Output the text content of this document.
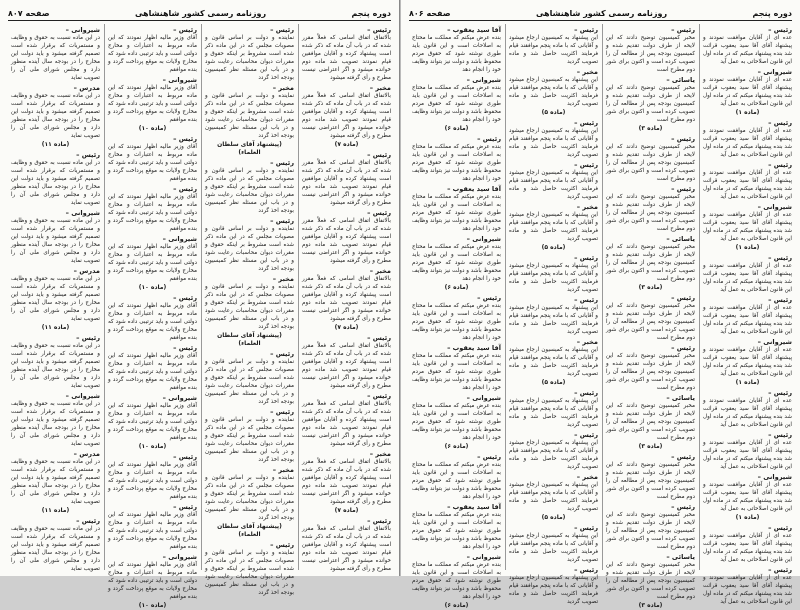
دوره پنجم
روزنامه رسمی کشور شاهنشاهی
صفحه ۸۰۷
رئیس –
بالاتفاق اتفاق اسامی که فعلاً مقرر شده که در باب آن ماده که ذکر شده است پیشنهاد کرده و آقایان موافقین قیام نمودند تصویب شد ماده دوم خوانده میشود و اگر اعتراضی نیست مطرح و رأی گرفته میشود
مخبر –
بالاتفاق اتفاق اسامی که فعلاً مقرر شده که در باب آن ماده که ذکر شده است پیشنهاد کرده و آقایان موافقین قیام نمودند تصویب شد ماده دوم خوانده میشود و اگر اعتراضی نیست مطرح و رأی گرفته میشود
(ماده ۷)
رئیس –
بالاتفاق اتفاق اسامی که فعلاً مقرر شده که در باب آن ماده که ذکر شده است پیشنهاد کرده و آقایان موافقین قیام نمودند تصویب شد ماده دوم خوانده میشود و اگر اعتراضی نیست مطرح و رأی گرفته میشود
رئیس –
بالاتفاق اتفاق اسامی که فعلاً مقرر شده که در باب آن ماده که ذکر شده است پیشنهاد کرده و آقایان موافقین قیام نمودند تصویب شد ماده دوم خوانده میشود و اگر اعتراضی نیست مطرح و رأی گرفته میشود
مخبر –
بالاتفاق اتفاق اسامی که فعلاً مقرر شده که در باب آن ماده که ذکر شده است پیشنهاد کرده و آقایان موافقین قیام نمودند تصویب شد ماده دوم خوانده میشود و اگر اعتراضی نیست مطرح و رأی گرفته میشود
(ماده ۷)
رئیس –
بالاتفاق اتفاق اسامی که فعلاً مقرر شده که در باب آن ماده که ذکر شده است پیشنهاد کرده و آقایان موافقین قیام نمودند تصویب شد ماده دوم خوانده میشود و اگر اعتراضی نیست مطرح و رأی گرفته میشود
رئیس –
بالاتفاق اتفاق اسامی که فعلاً مقرر شده که در باب آن ماده که ذکر شده است پیشنهاد کرده و آقایان موافقین قیام نمودند تصویب شد ماده دوم خوانده میشود و اگر اعتراضی نیست مطرح و رأی گرفته میشود
مخبر –
بالاتفاق اتفاق اسامی که فعلاً مقرر شده که در باب آن ماده که ذکر شده است پیشنهاد کرده و آقایان موافقین قیام نمودند تصویب شد ماده دوم خوانده میشود و اگر اعتراضی نیست مطرح و رأی گرفته میشود
(ماده ۷)
رئیس –
بالاتفاق اتفاق اسامی که فعلاً مقرر شده که در باب آن ماده که ذکر شده است پیشنهاد کرده و آقایان موافقین قیام نمودند تصویب شد ماده دوم خوانده میشود و اگر اعتراضی نیست مطرح و رأی گرفته میشود
رئیس –
نماینده و دولت بر اساس قانون و مصوبات مجلس که در این ماده ذکر شده است مشروط بر اینکه حقوق و مقررات دیوان محاسبات رعایت شود و در باب این مسئله نظر کمیسیون بودجه اخذ گردد
مخبر –
نماینده و دولت بر اساس قانون و مصوبات مجلس که در این ماده ذکر شده است مشروط بر اینکه حقوق و مقررات دیوان محاسبات رعایت شود و در باب این مسئله نظر کمیسیون بودجه اخذ گردد
(پیشنهاد آقای سلطان العلماء)
رئیس –
نماینده و دولت بر اساس قانون و مصوبات مجلس که در این ماده ذکر شده است مشروط بر اینکه حقوق و مقررات دیوان محاسبات رعایت شود و در باب این مسئله نظر کمیسیون بودجه اخذ گردد
رئیس –
نماینده و دولت بر اساس قانون و مصوبات مجلس که در این ماده ذکر شده است مشروط بر اینکه حقوق و مقررات دیوان محاسبات رعایت شود و در باب این مسئله نظر کمیسیون بودجه اخذ گردد
مخبر –
نماینده و دولت بر اساس قانون و مصوبات مجلس که در این ماده ذکر شده است مشروط بر اینکه حقوق و مقررات دیوان محاسبات رعایت شود و در باب این مسئله نظر کمیسیون بودجه اخذ گردد
(پیشنهاد آقای سلطان العلماء)
رئیس –
نماینده و دولت بر اساس قانون و مصوبات مجلس که در این ماده ذکر شده است مشروط بر اینکه حقوق و مقررات دیوان محاسبات رعایت شود و در باب این مسئله نظر کمیسیون بودجه اخذ گردد
رئیس –
نماینده و دولت بر اساس قانون و مصوبات مجلس که در این ماده ذکر شده است مشروط بر اینکه حقوق و مقررات دیوان محاسبات رعایت شود و در باب این مسئله نظر کمیسیون بودجه اخذ گردد
مخبر –
نماینده و دولت بر اساس قانون و مصوبات مجلس که در این ماده ذکر شده است مشروط بر اینکه حقوق و مقررات دیوان محاسبات رعایت شود و در باب این مسئله نظر کمیسیون بودجه اخذ گردد
(پیشنهاد آقای سلطان العلماء)
رئیس –
نماینده و دولت بر اساس قانون و مصوبات مجلس که در این ماده ذکر شده است مشروط بر اینکه حقوق و مقررات دیوان محاسبات رعایت شود و در باب این مسئله نظر کمیسیون بودجه اخذ گردد
رئیس –
آقای وزیر مالیه اظهار نمودند که این ماده مربوط به اعتبارات و مخارج دولتی است و باید ترتیبی داده شود که مخارج ولایات به موقع پرداخت گردد و بنده موافقم
شیروانی –
آقای وزیر مالیه اظهار نمودند که این ماده مربوط به اعتبارات و مخارج دولتی است و باید ترتیبی داده شود که مخارج ولایات به موقع پرداخت گردد و بنده موافقم
(ماده ۱۰)
رئیس –
آقای وزیر مالیه اظهار نمودند که این ماده مربوط به اعتبارات و مخارج دولتی است و باید ترتیبی داده شود که مخارج ولایات به موقع پرداخت گردد و بنده موافقم
رئیس –
آقای وزیر مالیه اظهار نمودند که این ماده مربوط به اعتبارات و مخارج دولتی است و باید ترتیبی داده شود که مخارج ولایات به موقع پرداخت گردد و بنده موافقم
شیروانی –
آقای وزیر مالیه اظهار نمودند که این ماده مربوط به اعتبارات و مخارج دولتی است و باید ترتیبی داده شود که مخارج ولایات به موقع پرداخت گردد و بنده موافقم
(ماده ۱۰)
رئیس –
آقای وزیر مالیه اظهار نمودند که این ماده مربوط به اعتبارات و مخارج دولتی است و باید ترتیبی داده شود که مخارج ولایات به موقع پرداخت گردد و بنده موافقم
رئیس –
آقای وزیر مالیه اظهار نمودند که این ماده مربوط به اعتبارات و مخارج دولتی است و باید ترتیبی داده شود که مخارج ولایات به موقع پرداخت گردد و بنده موافقم
شیروانی –
آقای وزیر مالیه اظهار نمودند که این ماده مربوط به اعتبارات و مخارج دولتی است و باید ترتیبی داده شود که مخارج ولایات به موقع پرداخت گردد و بنده موافقم
(ماده ۱۰)
رئیس –
آقای وزیر مالیه اظهار نمودند که این ماده مربوط به اعتبارات و مخارج دولتی است و باید ترتیبی داده شود که مخارج ولایات به موقع پرداخت گردد و بنده موافقم
رئیس –
آقای وزیر مالیه اظهار نمودند که این ماده مربوط به اعتبارات و مخارج دولتی است و باید ترتیبی داده شود که مخارج ولایات به موقع پرداخت گردد و بنده موافقم
شیروانی –
آقای وزیر مالیه اظهار نمودند که این ماده مربوط به اعتبارات و مخارج دولتی است و باید ترتیبی داده شود که مخارج ولایات به موقع پرداخت گردد و بنده موافقم
(ماده ۱۰)
شیروانی –
در این ماده نسبت به حقوق و وظایف و مستمریات که برقرار شده است تصمیم گرفته میشود و باید دولت این مخارج را در بودجه سال آینده منظور دارد و مجلس شورای ملی آن را تصویب نماید
مدرس –
در این ماده نسبت به حقوق و وظایف و مستمریات که برقرار شده است تصمیم گرفته میشود و باید دولت این مخارج را در بودجه سال آینده منظور دارد و مجلس شورای ملی آن را تصویب نماید
(ماده ۱۱)
رئیس –
در این ماده نسبت به حقوق و وظایف و مستمریات که برقرار شده است تصمیم گرفته میشود و باید دولت این مخارج را در بودجه سال آینده منظور دارد و مجلس شورای ملی آن را تصویب نماید
شیروانی –
در این ماده نسبت به حقوق و وظایف و مستمریات که برقرار شده است تصمیم گرفته میشود و باید دولت این مخارج را در بودجه سال آینده منظور دارد و مجلس شورای ملی آن را تصویب نماید
مدرس –
در این ماده نسبت به حقوق و وظایف و مستمریات که برقرار شده است تصمیم گرفته میشود و باید دولت این مخارج را در بودجه سال آینده منظور دارد و مجلس شورای ملی آن را تصویب نماید
(ماده ۱۱)
رئیس –
در این ماده نسبت به حقوق و وظایف و مستمریات که برقرار شده است تصمیم گرفته میشود و باید دولت این مخارج را در بودجه سال آینده منظور دارد و مجلس شورای ملی آن را تصویب نماید
شیروانی –
در این ماده نسبت به حقوق و وظایف و مستمریات که برقرار شده است تصمیم گرفته میشود و باید دولت این مخارج را در بودجه سال آینده منظور دارد و مجلس شورای ملی آن را تصویب نماید
مدرس –
در این ماده نسبت به حقوق و وظایف و مستمریات که برقرار شده است تصمیم گرفته میشود و باید دولت این مخارج را در بودجه سال آینده منظور دارد و مجلس شورای ملی آن را تصویب نماید
(ماده ۱۱)
رئیس –
در این ماده نسبت به حقوق و وظایف و مستمریات که برقرار شده است تصمیم گرفته میشود و باید دولت این مخارج را در بودجه سال آینده منظور دارد و مجلس شورای ملی آن را تصویب نماید
دوره پنجم
روزنامه رسمی کشور شاهنشاهی
صفحه ۸۰۶
رئیس –
عده ای از آقایان موافقت نمودند و پیشنهاد آقای آقا سید یعقوب قرائت شد بنده پیشنهاد میکنم که در ماده اول این قانون اصلاحاتی به عمل آید
شیروانی –
عده ای از آقایان موافقت نمودند و پیشنهاد آقای آقا سید یعقوب قرائت شد بنده پیشنهاد میکنم که در ماده اول این قانون اصلاحاتی به عمل آید
(ماده ۱)
رئیس –
عده ای از آقایان موافقت نمودند و پیشنهاد آقای آقا سید یعقوب قرائت شد بنده پیشنهاد میکنم که در ماده اول این قانون اصلاحاتی به عمل آید
رئیس –
عده ای از آقایان موافقت نمودند و پیشنهاد آقای آقا سید یعقوب قرائت شد بنده پیشنهاد میکنم که در ماده اول این قانون اصلاحاتی به عمل آید
شیروانی –
عده ای از آقایان موافقت نمودند و پیشنهاد آقای آقا سید یعقوب قرائت شد بنده پیشنهاد میکنم که در ماده اول این قانون اصلاحاتی به عمل آید
(ماده ۱)
رئیس –
عده ای از آقایان موافقت نمودند و پیشنهاد آقای آقا سید یعقوب قرائت شد بنده پیشنهاد میکنم که در ماده اول این قانون اصلاحاتی به عمل آید
رئیس –
عده ای از آقایان موافقت نمودند و پیشنهاد آقای آقا سید یعقوب قرائت شد بنده پیشنهاد میکنم که در ماده اول این قانون اصلاحاتی به عمل آید
شیروانی –
عده ای از آقایان موافقت نمودند و پیشنهاد آقای آقا سید یعقوب قرائت شد بنده پیشنهاد میکنم که در ماده اول این قانون اصلاحاتی به عمل آید
(ماده ۱)
رئیس –
عده ای از آقایان موافقت نمودند و پیشنهاد آقای آقا سید یعقوب قرائت شد بنده پیشنهاد میکنم که در ماده اول این قانون اصلاحاتی به عمل آید
رئیس –
عده ای از آقایان موافقت نمودند و پیشنهاد آقای آقا سید یعقوب قرائت شد بنده پیشنهاد میکنم که در ماده اول این قانون اصلاحاتی به عمل آید
شیروانی –
عده ای از آقایان موافقت نمودند و پیشنهاد آقای آقا سید یعقوب قرائت شد بنده پیشنهاد میکنم که در ماده اول این قانون اصلاحاتی به عمل آید
(ماده ۱)
رئیس –
عده ای از آقایان موافقت نمودند و پیشنهاد آقای آقا سید یعقوب قرائت شد بنده پیشنهاد میکنم که در ماده اول این قانون اصلاحاتی به عمل آید
رئیس –
عده ای از آقایان موافقت نمودند و پیشنهاد آقای آقا سید یعقوب قرائت شد بنده پیشنهاد میکنم که در ماده اول این قانون اصلاحاتی به عمل آید
رئیس –
مخبر کمیسیون توضیح دادند که این لایحه از طرف دولت تقدیم شده و کمیسیون بودجه پس از مطالعه آن را تصویب کرده است و اکنون برای شور دوم مطرح است
یاسائی –
مخبر کمیسیون توضیح دادند که این لایحه از طرف دولت تقدیم شده و کمیسیون بودجه پس از مطالعه آن را تصویب کرده است و اکنون برای شور دوم مطرح است
(ماده ۳)
رئیس –
مخبر کمیسیون توضیح دادند که این لایحه از طرف دولت تقدیم شده و کمیسیون بودجه پس از مطالعه آن را تصویب کرده است و اکنون برای شور دوم مطرح است
رئیس –
مخبر کمیسیون توضیح دادند که این لایحه از طرف دولت تقدیم شده و کمیسیون بودجه پس از مطالعه آن را تصویب کرده است و اکنون برای شور دوم مطرح است
یاسائی –
مخبر کمیسیون توضیح دادند که این لایحه از طرف دولت تقدیم شده و کمیسیون بودجه پس از مطالعه آن را تصویب کرده است و اکنون برای شور دوم مطرح است
(ماده ۳)
رئیس –
مخبر کمیسیون توضیح دادند که این لایحه از طرف دولت تقدیم شده و کمیسیون بودجه پس از مطالعه آن را تصویب کرده است و اکنون برای شور دوم مطرح است
رئیس –
مخبر کمیسیون توضیح دادند که این لایحه از طرف دولت تقدیم شده و کمیسیون بودجه پس از مطالعه آن را تصویب کرده است و اکنون برای شور دوم مطرح است
یاسائی –
مخبر کمیسیون توضیح دادند که این لایحه از طرف دولت تقدیم شده و کمیسیون بودجه پس از مطالعه آن را تصویب کرده است و اکنون برای شور دوم مطرح است
(ماده ۳)
رئیس –
مخبر کمیسیون توضیح دادند که این لایحه از طرف دولت تقدیم شده و کمیسیون بودجه پس از مطالعه آن را تصویب کرده است و اکنون برای شور دوم مطرح است
رئیس –
مخبر کمیسیون توضیح دادند که این لایحه از طرف دولت تقدیم شده و کمیسیون بودجه پس از مطالعه آن را تصویب کرده است و اکنون برای شور دوم مطرح است
یاسائی –
مخبر کمیسیون توضیح دادند که این لایحه از طرف دولت تقدیم شده و کمیسیون بودجه پس از مطالعه آن را تصویب کرده است و اکنون برای شور دوم مطرح است
(ماده ۳)
رئیس –
این پیشنهاد به کمیسیون ارجاع میشود و آقایانی که با ماده پنجم موافقند قیام فرمایند اکثریت حاصل شد و ماده تصویب گردید
مخبر –
این پیشنهاد به کمیسیون ارجاع میشود و آقایانی که با ماده پنجم موافقند قیام فرمایند اکثریت حاصل شد و ماده تصویب گردید
(ماده ۵)
رئیس –
این پیشنهاد به کمیسیون ارجاع میشود و آقایانی که با ماده پنجم موافقند قیام فرمایند اکثریت حاصل شد و ماده تصویب گردید
رئیس –
این پیشنهاد به کمیسیون ارجاع میشود و آقایانی که با ماده پنجم موافقند قیام فرمایند اکثریت حاصل شد و ماده تصویب گردید
مخبر –
این پیشنهاد به کمیسیون ارجاع میشود و آقایانی که با ماده پنجم موافقند قیام فرمایند اکثریت حاصل شد و ماده تصویب گردید
(ماده ۵)
رئیس –
این پیشنهاد به کمیسیون ارجاع میشود و آقایانی که با ماده پنجم موافقند قیام فرمایند اکثریت حاصل شد و ماده تصویب گردید
رئیس –
این پیشنهاد به کمیسیون ارجاع میشود و آقایانی که با ماده پنجم موافقند قیام فرمایند اکثریت حاصل شد و ماده تصویب گردید
مخبر –
این پیشنهاد به کمیسیون ارجاع میشود و آقایانی که با ماده پنجم موافقند قیام فرمایند اکثریت حاصل شد و ماده تصویب گردید
(ماده ۵)
رئیس –
این پیشنهاد به کمیسیون ارجاع میشود و آقایانی که با ماده پنجم موافقند قیام فرمایند اکثریت حاصل شد و ماده تصویب گردید
رئیس –
این پیشنهاد به کمیسیون ارجاع میشود و آقایانی که با ماده پنجم موافقند قیام فرمایند اکثریت حاصل شد و ماده تصویب گردید
مخبر –
این پیشنهاد به کمیسیون ارجاع میشود و آقایانی که با ماده پنجم موافقند قیام فرمایند اکثریت حاصل شد و ماده تصویب گردید
(ماده ۵)
رئیس –
این پیشنهاد به کمیسیون ارجاع میشود و آقایانی که با ماده پنجم موافقند قیام فرمایند اکثریت حاصل شد و ماده تصویب گردید
رئیس –
این پیشنهاد به کمیسیون ارجاع میشود و آقایانی که با ماده پنجم موافقند قیام فرمایند اکثریت حاصل شد و ماده تصویب گردید
آقا سید یعقوب –
بنده عرض میکنم که مملکت ما محتاج به اصلاحات است و این قانون باید طوری نوشته شود که حقوق مردم محفوظ باشد و دولت نیز بتواند وظایف خود را انجام دهد
شیروانی –
بنده عرض میکنم که مملکت ما محتاج به اصلاحات است و این قانون باید طوری نوشته شود که حقوق مردم محفوظ باشد و دولت نیز بتواند وظایف خود را انجام دهد
(ماده ۶)
رئیس –
بنده عرض میکنم که مملکت ما محتاج به اصلاحات است و این قانون باید طوری نوشته شود که حقوق مردم محفوظ باشد و دولت نیز بتواند وظایف خود را انجام دهد
آقا سید یعقوب –
بنده عرض میکنم که مملکت ما محتاج به اصلاحات است و این قانون باید طوری نوشته شود که حقوق مردم محفوظ باشد و دولت نیز بتواند وظایف خود را انجام دهد
شیروانی –
بنده عرض میکنم که مملکت ما محتاج به اصلاحات است و این قانون باید طوری نوشته شود که حقوق مردم محفوظ باشد و دولت نیز بتواند وظایف خود را انجام دهد
(ماده ۶)
رئیس –
بنده عرض میکنم که مملکت ما محتاج به اصلاحات است و این قانون باید طوری نوشته شود که حقوق مردم محفوظ باشد و دولت نیز بتواند وظایف خود را انجام دهد
آقا سید یعقوب –
بنده عرض میکنم که مملکت ما محتاج به اصلاحات است و این قانون باید طوری نوشته شود که حقوق مردم محفوظ باشد و دولت نیز بتواند وظایف خود را انجام دهد
شیروانی –
بنده عرض میکنم که مملکت ما محتاج به اصلاحات است و این قانون باید طوری نوشته شود که حقوق مردم محفوظ باشد و دولت نیز بتواند وظایف خود را انجام دهد
(ماده ۶)
رئیس –
بنده عرض میکنم که مملکت ما محتاج به اصلاحات است و این قانون باید طوری نوشته شود که حقوق مردم محفوظ باشد و دولت نیز بتواند وظایف خود را انجام دهد
آقا سید یعقوب –
بنده عرض میکنم که مملکت ما محتاج به اصلاحات است و این قانون باید طوری نوشته شود که حقوق مردم محفوظ باشد و دولت نیز بتواند وظایف خود را انجام دهد
شیروانی –
بنده عرض میکنم که مملکت ما محتاج به اصلاحات است و این قانون باید طوری نوشته شود که حقوق مردم محفوظ باشد و دولت نیز بتواند وظایف خود را انجام دهد
(ماده ۶)
